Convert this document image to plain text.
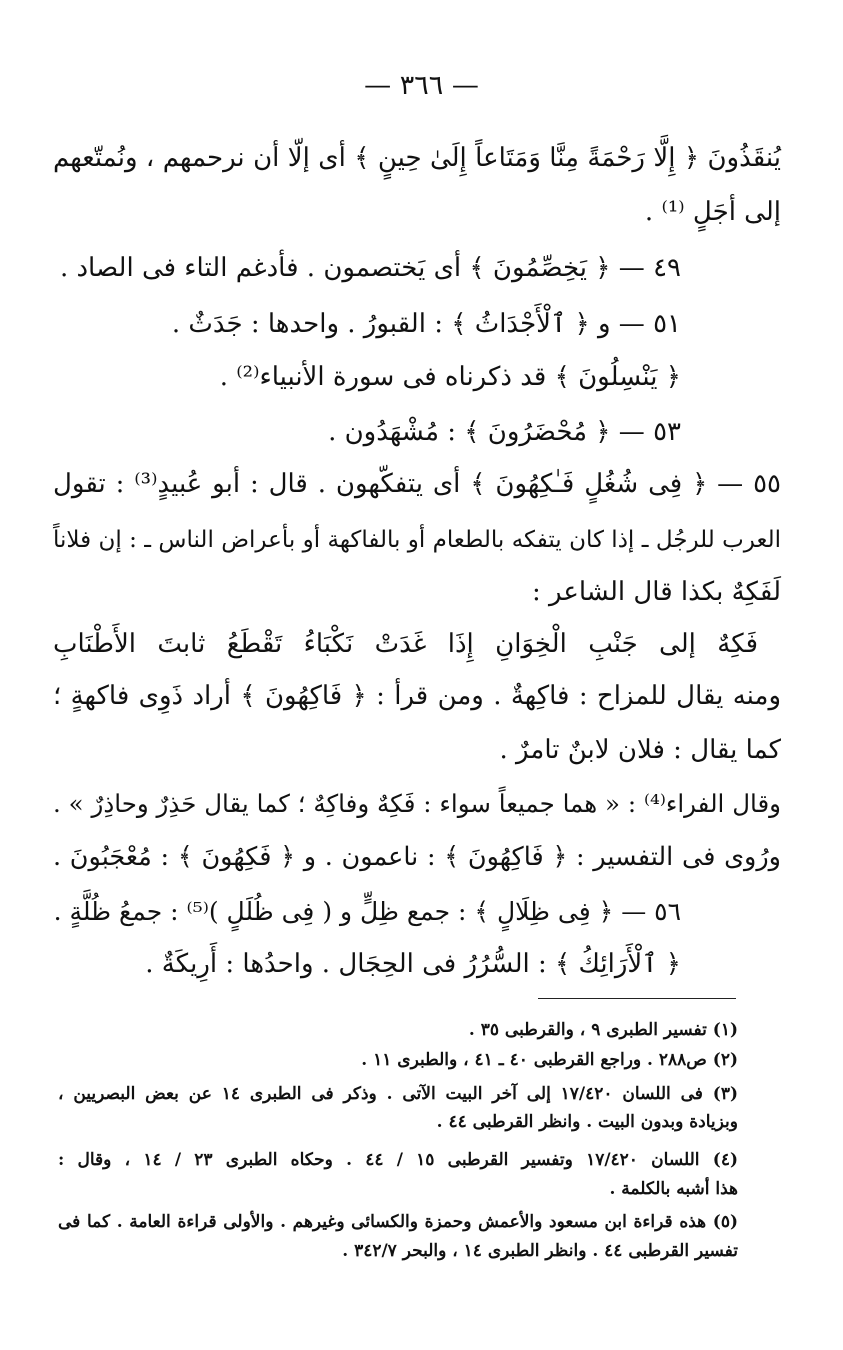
— ٣٦٦ —
يُنقَذُونَ ﴿ إِلَّا رَحْمَةً مِنَّا وَمَتَاعاً إِلَىٰ حِينٍ ﴾ أى إلّا أن نرحمهم ، ونُمتّعهم
إلى أجَلٍ ⁽¹⁾ .
٤٩ — ﴿ يَخِصِّمُونَ ﴾ أى يَختصمون . فأدغم التاء فى الصاد .
٥١ — و ﴿ ٱلْأَجْدَاثُ ﴾ : القبورُ . واحدها : جَدَثٌ .
﴿ يَنْسِلُونَ ﴾ قد ذكرناه فى سورة الأنبياء⁽²⁾ .
٥٣ — ﴿ مُحْضَرُونَ ﴾ : مُشْهَدُون .
٥٥ — ﴿ فِى شُغُلٍ فَـٰكِهُونَ ﴾ أى يتفكّهون . قال : أبو عُبيدٍ⁽³⁾ : تقول
العرب للرجُل ـ إذا كان يتفكه بالطعام أو بالفاكهة أو بأعراض الناس ـ : إن فلاناً
لَفَكِهٌ بكذا قال الشاعر :
فَكِهٌ إلى جَنْبِ الْخِوَانِ إِذَا غَدَتْ نَكْبَاءُ تَقْطَعُ ثابتَ الأَطْنَابِ
ومنه يقال للمزاح : فاكِهةٌ . ومن قرأ : ﴿ فَاكِهُونَ ﴾ أراد ذَوِى فاكهةٍ ؛
كما يقال : فلان لابنٌ تامرٌ .
وقال الفراء⁽⁴⁾ : « هما جميعاً سواء : فَكِهٌ وفاكِهٌ ؛ كما يقال حَذِرٌ وحاذِرٌ » .
ورُوى فى التفسير : ﴿ فَاكِهُونَ ﴾ : ناعمون . و ﴿ فَكِهُونَ ﴾ : مُعْجَبُونَ .
٥٦ — ﴿ فِى ظِلَالٍ ﴾ : جمع ظِلٍّ و ( فِى ظُلَلٍ )⁽⁵⁾ : جمعُ ظُلَّةٍ .
﴿ ٱلْأَرَائِكُ ﴾ : السُّرُرُ فى الحِجَال . واحدُها : أَرِيكَةٌ .
(١) تفسير الطبرى ٩ ، والقرطبى ٣٥ .
(٢) ص٢٨٨ . وراجع القرطبى ٤٠ ـ ٤١ ، والطبرى ١١ .
(٣) فى اللسان ١٧/٤٢٠ إلى آخر البيت الآتى . وذكر فى الطبرى ١٤ عن بعض البصريين ،
وبزيادة وبدون البيت . وانظر القرطبى ٤٤ .
(٤) اللسان ١٧/٤٢٠ وتفسير القرطبى ١٥ / ٤٤ . وحكاه الطبرى ٢٣ / ١٤ ، وقال :
هذا أشبه بالكلمة .
(٥) هذه قراءة ابن مسعود والأعمش وحمزة والكسائى وغيرهم . والأولى قراءة العامة . كما فى
تفسير القرطبى ٤٤ . وانظر الطبرى ١٤ ، والبحر ٣٤٢/٧ .
